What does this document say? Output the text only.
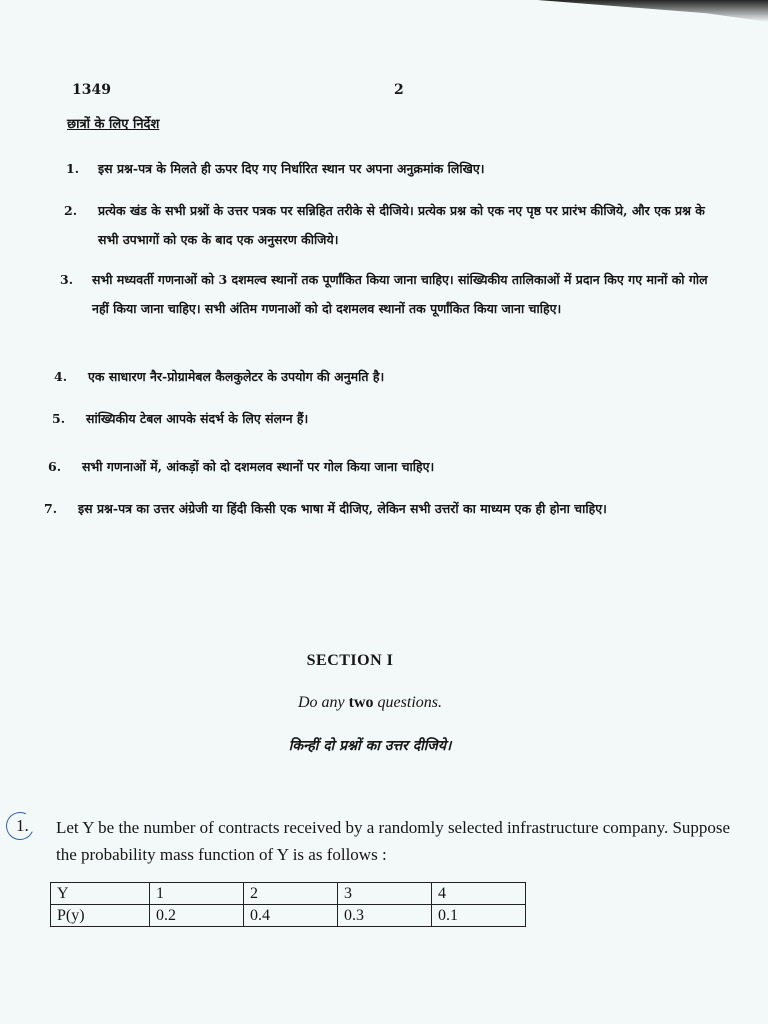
1349	2
छात्रों के लिए निर्देश
1.	इस प्रश्न-पत्र के मिलते ही ऊपर दिए गए निर्धारित स्थान पर अपना अनुक्रमांक लिखिए।
2.	प्रत्येक खंड के सभी प्रश्नों के उत्तर पत्रक पर सन्निहित तरीके से दीजिये। प्रत्येक प्रश्न को एक नए पृष्ठ पर प्रारंभ कीजिये, और एक प्रश्न के सभी उपभागों को एक के बाद एक अनुसरण कीजिये।
3.	सभी मध्यवर्ती गणनाओं को 3 दशमल्व स्थानों तक पूर्णांकित किया जाना चाहिए। सांख्यिकीय तालिकाओं में प्रदान किए गए मानों को गोल नहीं किया जाना चाहिए। सभी अंतिम गणनाओं को दो दशमलव स्थानों तक पूर्णांकित किया जाना चाहिए।
4.	एक साधारण नैर-प्रोग्रामेबल कैलकुलेटर के उपयोग की अनुमति है।
5.	सांख्यिकीय टेबल आपके संदर्भ के लिए संलग्न हैं।
6.	सभी गणनाओं में, आंकड़ों को दो दशमलव स्थानों पर गोल किया जाना चाहिए।
7.	इस प्रश्न-पत्र का उत्तर अंग्रेजी या हिंदी किसी एक भाषा में दीजिए, लेकिन सभी उत्तरों का माध्यम एक ही होना चाहिए।
SECTION I
Do any two questions.
किन्हीं दो प्रश्नों का उत्तर दीजिये।
1. Let Y be the number of contracts received by a randomly selected infrastructure company. Suppose the probability mass function of Y is as follows :
Y	1	2	3	4
P(y)	0.2	0.4	0.3	0.1
